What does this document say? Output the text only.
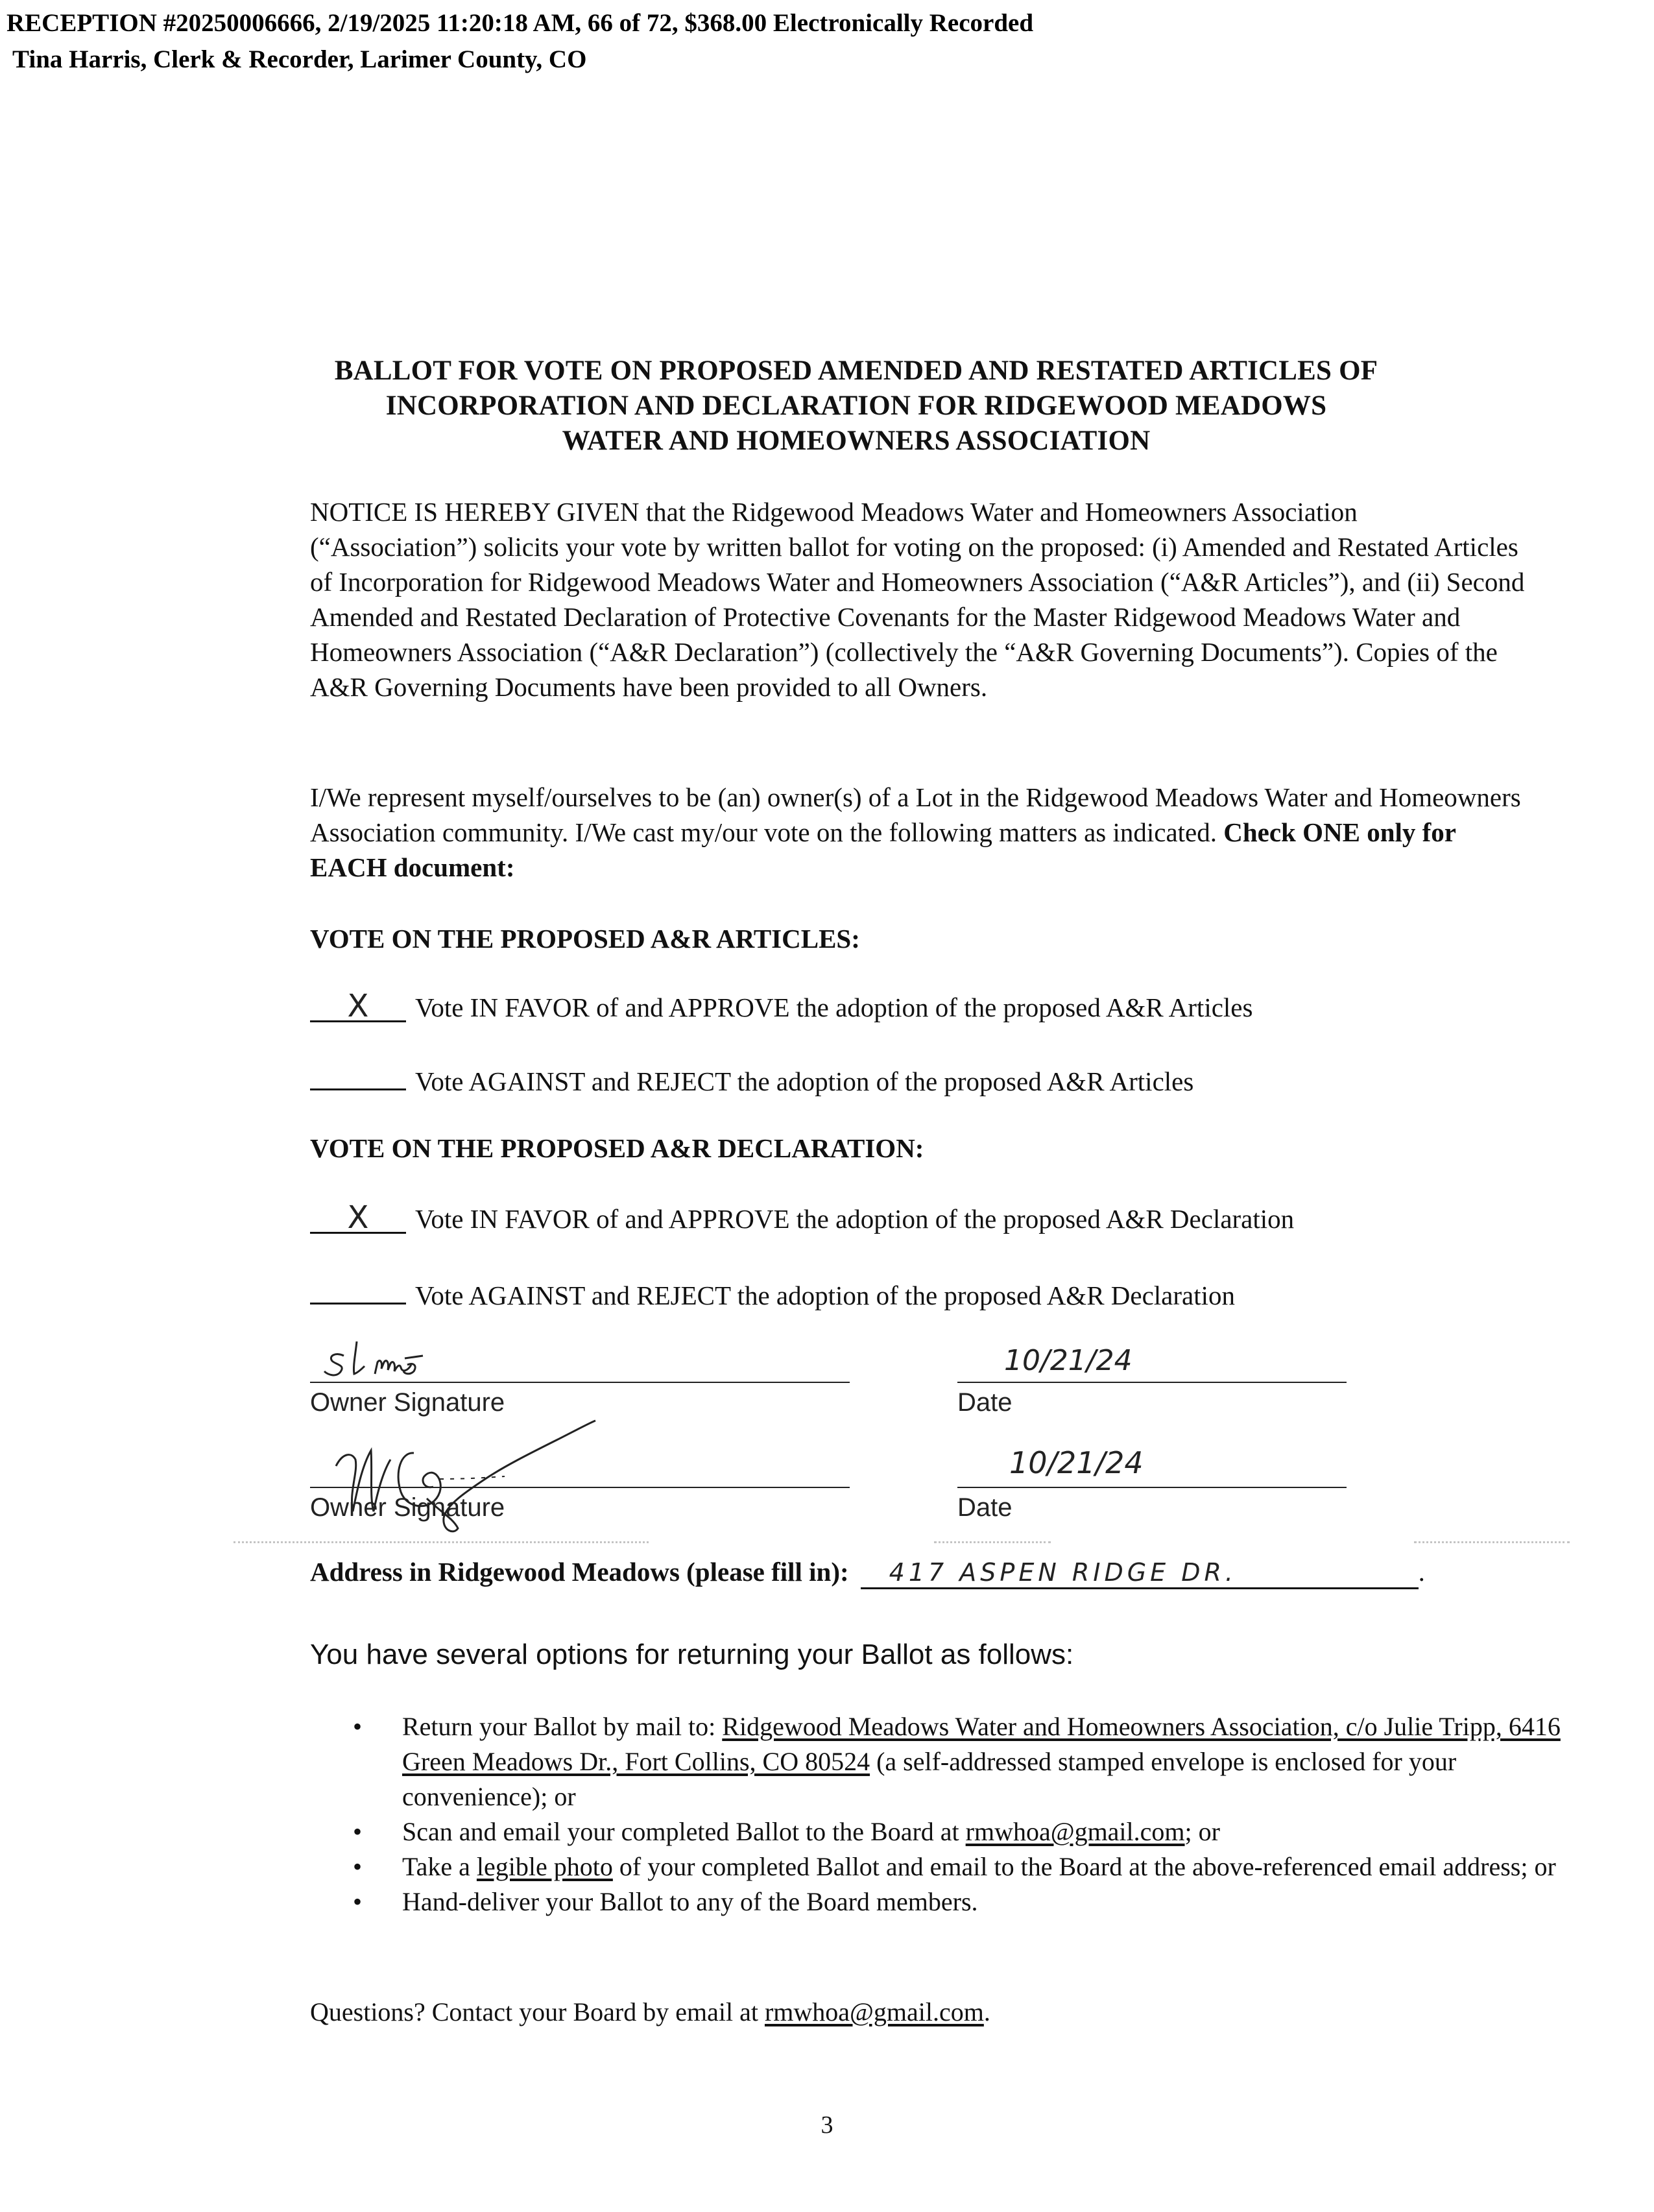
RECEPTION #20250006666, 2/19/2025 11:20:18 AM, 66 of 72, $368.00 Electronically Recorded
Tina Harris, Clerk & Recorder, Larimer County, CO
BALLOT FOR VOTE ON PROPOSED AMENDED AND RESTATED ARTICLES OF
INCORPORATION AND DECLARATION FOR RIDGEWOOD MEADOWS
WATER AND HOMEOWNERS ASSOCIATION

NOTICE IS HEREBY GIVEN that the Ridgewood Meadows Water and Homeowners Association (“Association”) solicits your vote by written ballot for voting on the proposed: (i) Amended and Restated Articles of Incorporation for Ridgewood Meadows Water and Homeowners Association (“A&R Articles”), and (ii) Second Amended and Restated Declaration of Protective Covenants for the Master Ridgewood Meadows Water and Homeowners Association (“A&R Declaration”) (collectively the “A&R Governing Documents”). Copies of the A&R Governing Documents have been provided to all Owners.

I/We represent myself/ourselves to be (an) owner(s) of a Lot in the Ridgewood Meadows Water and Homeowners Association community. I/We cast my/our vote on the following matters as indicated. Check ONE only for EACH document:

VOTE ON THE PROPOSED A&R ARTICLES:
X Vote IN FAVOR of and APPROVE the adoption of the proposed A&R Articles
Vote AGAINST and REJECT the adoption of the proposed A&R Articles
VOTE ON THE PROPOSED A&R DECLARATION:
X Vote IN FAVOR of and APPROVE the adoption of the proposed A&R Declaration
Vote AGAINST and REJECT the adoption of the proposed A&R Declaration
Owner Signature
10/21/24
Date
Owner Signature
10/21/24
Date
Address in Ridgewood Meadows (please fill in): 417 ASPEN RIDGE DR.	.
You have several options for returning your Ballot as follows:
• Return your Ballot by mail to: Ridgewood Meadows Water and Homeowners Association, c/o Julie Tripp, 6416 Green Meadows Dr., Fort Collins, CO 80524 (a self-addressed stamped envelope is enclosed for your convenience); or
• Scan and email your completed Ballot to the Board at rmwhoa@gmail.com; or
• Take a legible photo of your completed Ballot and email to the Board at the above-referenced email address; or
• Hand-deliver your Ballot to any of the Board members.
Questions? Contact your Board by email at rmwhoa@gmail.com.
3
